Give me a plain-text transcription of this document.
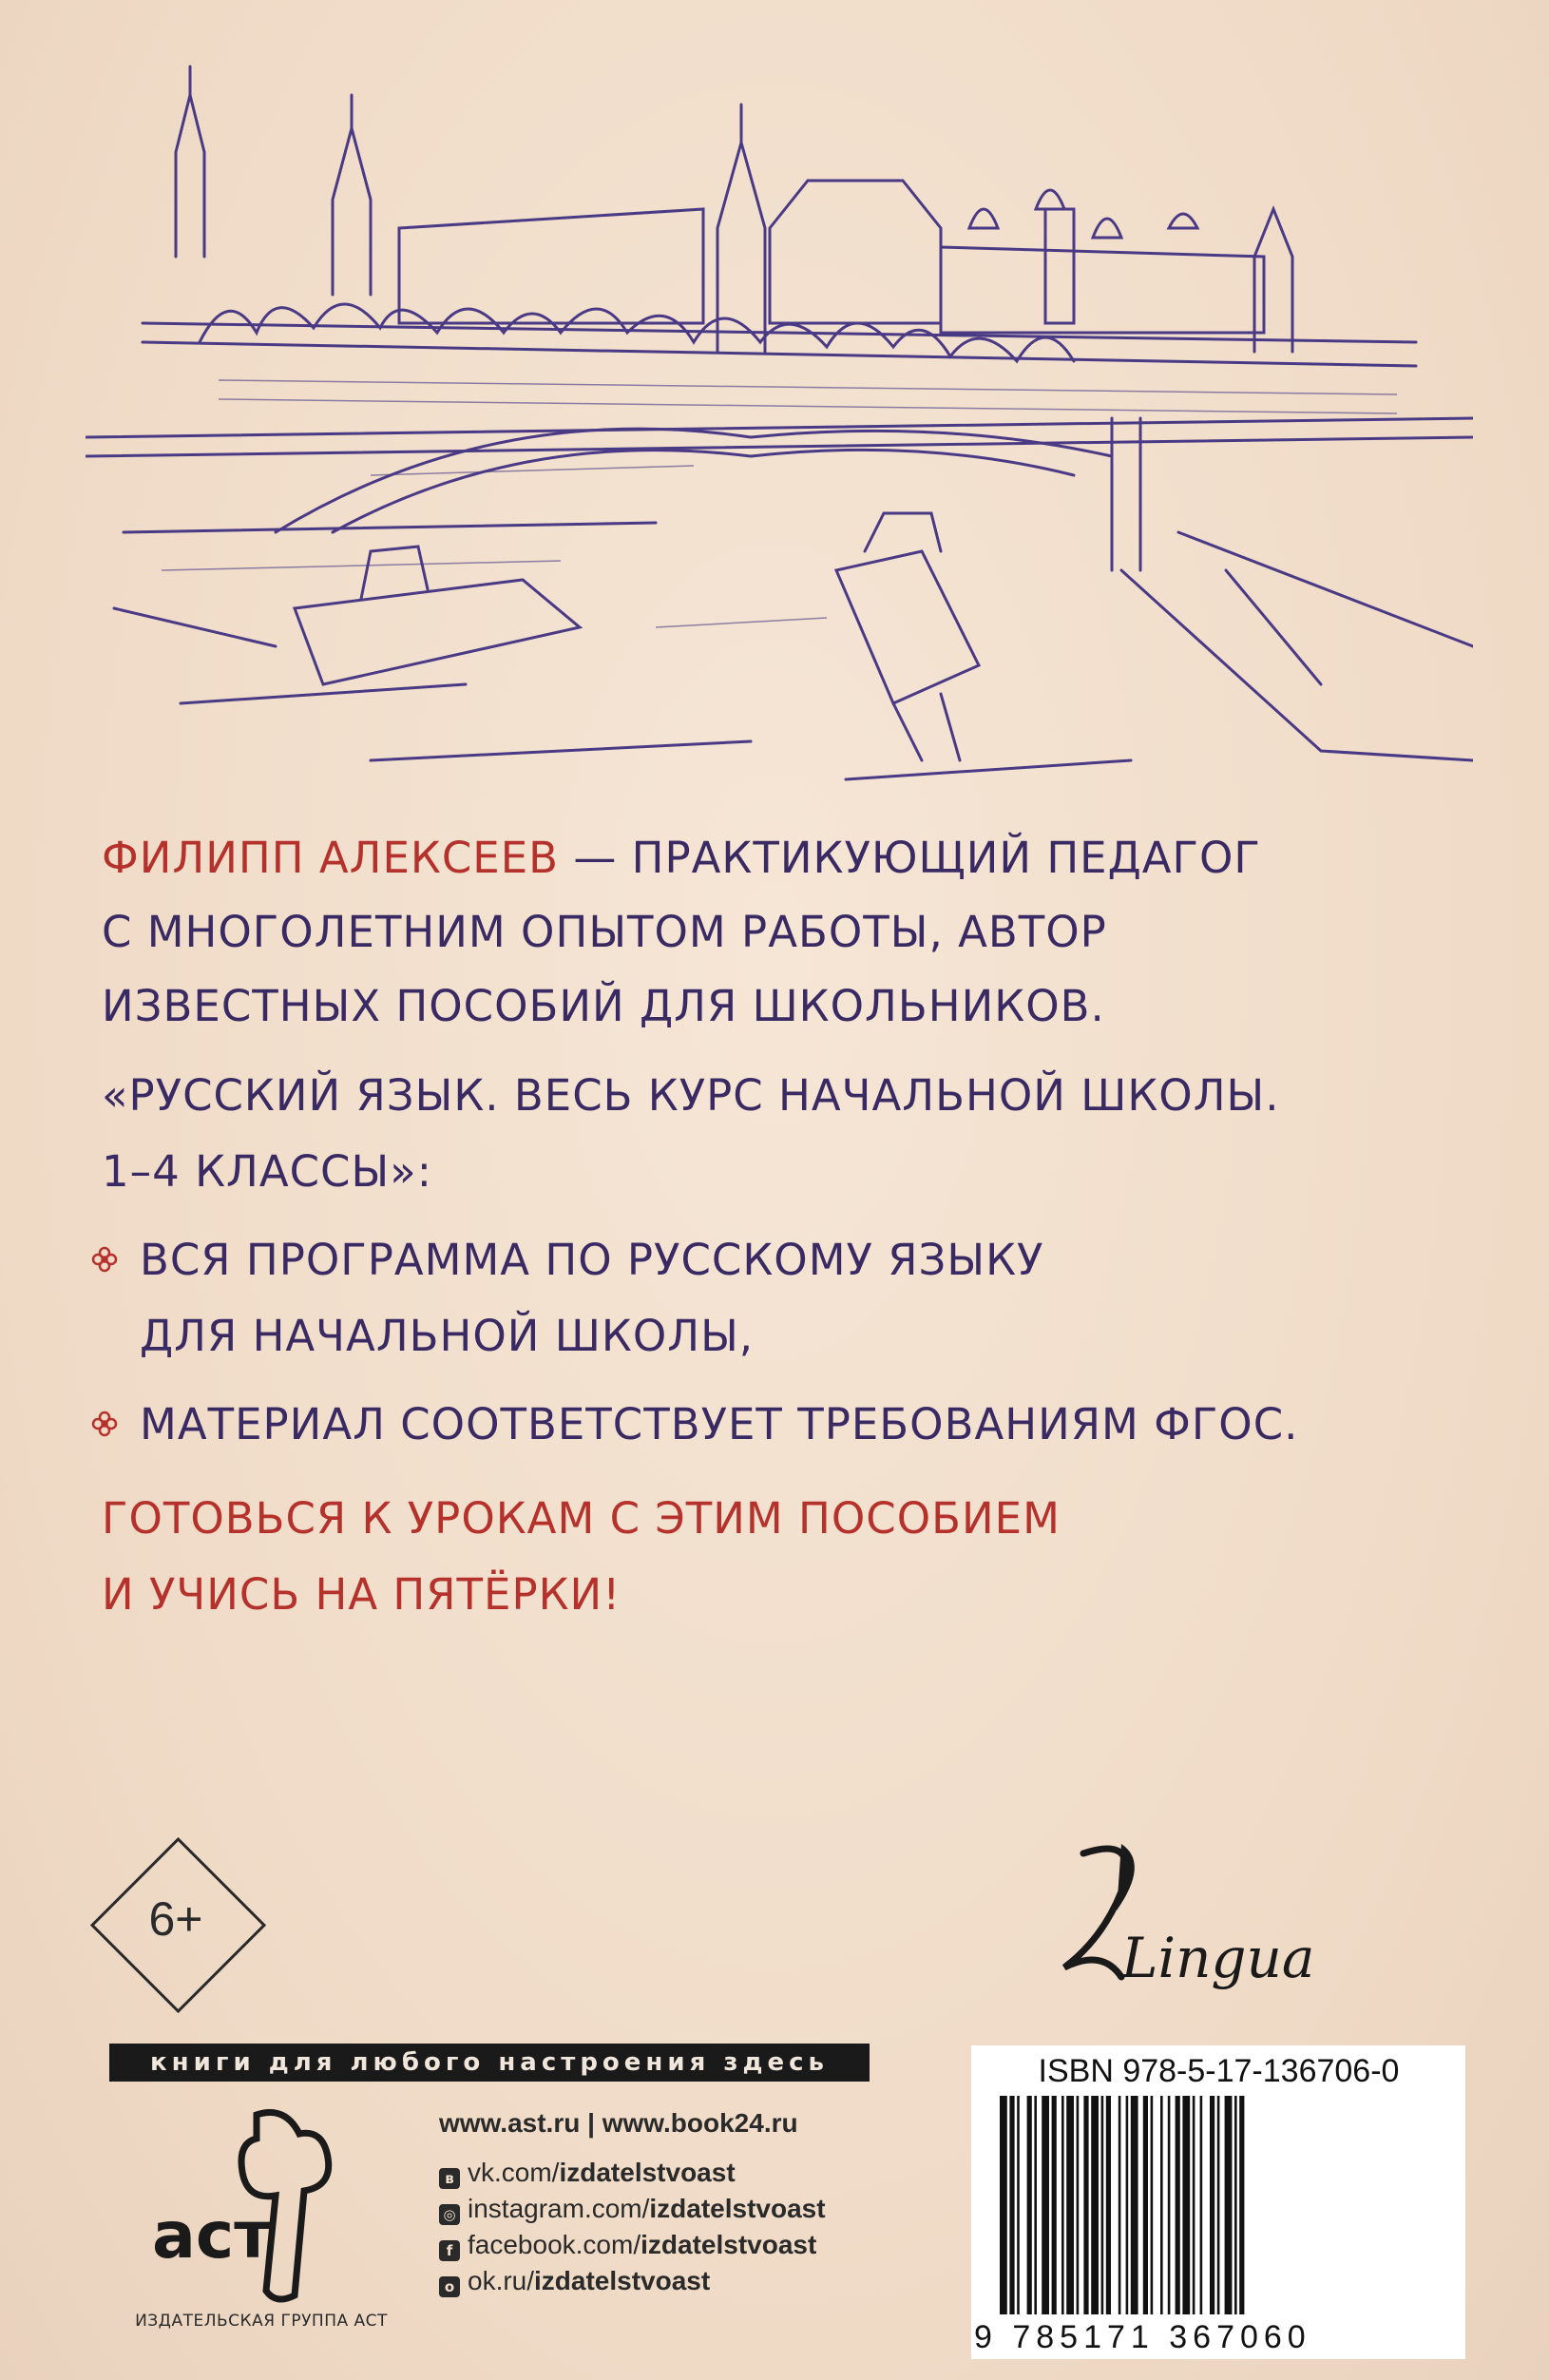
ФИЛИПП АЛЕКСЕЕВ — ПРАКТИКУЮЩИЙ ПЕДАГОГ
С МНОГОЛЕТНИМ ОПЫТОМ РАБОТЫ, АВТОР
ИЗВЕСТНЫХ ПОСОБИЙ ДЛЯ ШКОЛЬНИКОВ.
«РУССКИЙ ЯЗЫК. ВЕСЬ КУРС НАЧАЛЬНОЙ ШКОЛЫ.
1–4 КЛАССЫ»:
ВСЯ ПРОГРАММА ПО РУССКОМУ ЯЗЫКУ
ДЛЯ НАЧАЛЬНОЙ ШКОЛЫ,
МАТЕРИАЛ СООТВЕТСТВУЕТ ТРЕБОВАНИЯМ ФГОС.
ГОТОВЬСЯ К УРОКАМ С ЭТИМ ПОСОБИЕМ
И УЧИСЬ НА ПЯТЁРКИ!
6+
Lingua
книги для любого настроения здесь
аст
ИЗДАТЕЛЬСКАЯ ГРУППА АСТ
www.ast.ru | www.book24.ru
в vk.com/izdatelstvoast
◎ instagram.com/izdatelstvoast
f facebook.com/izdatelstvoast
о ok.ru/izdatelstvoast
ISBN 978-5-17-136706-0
9 785171 367060
